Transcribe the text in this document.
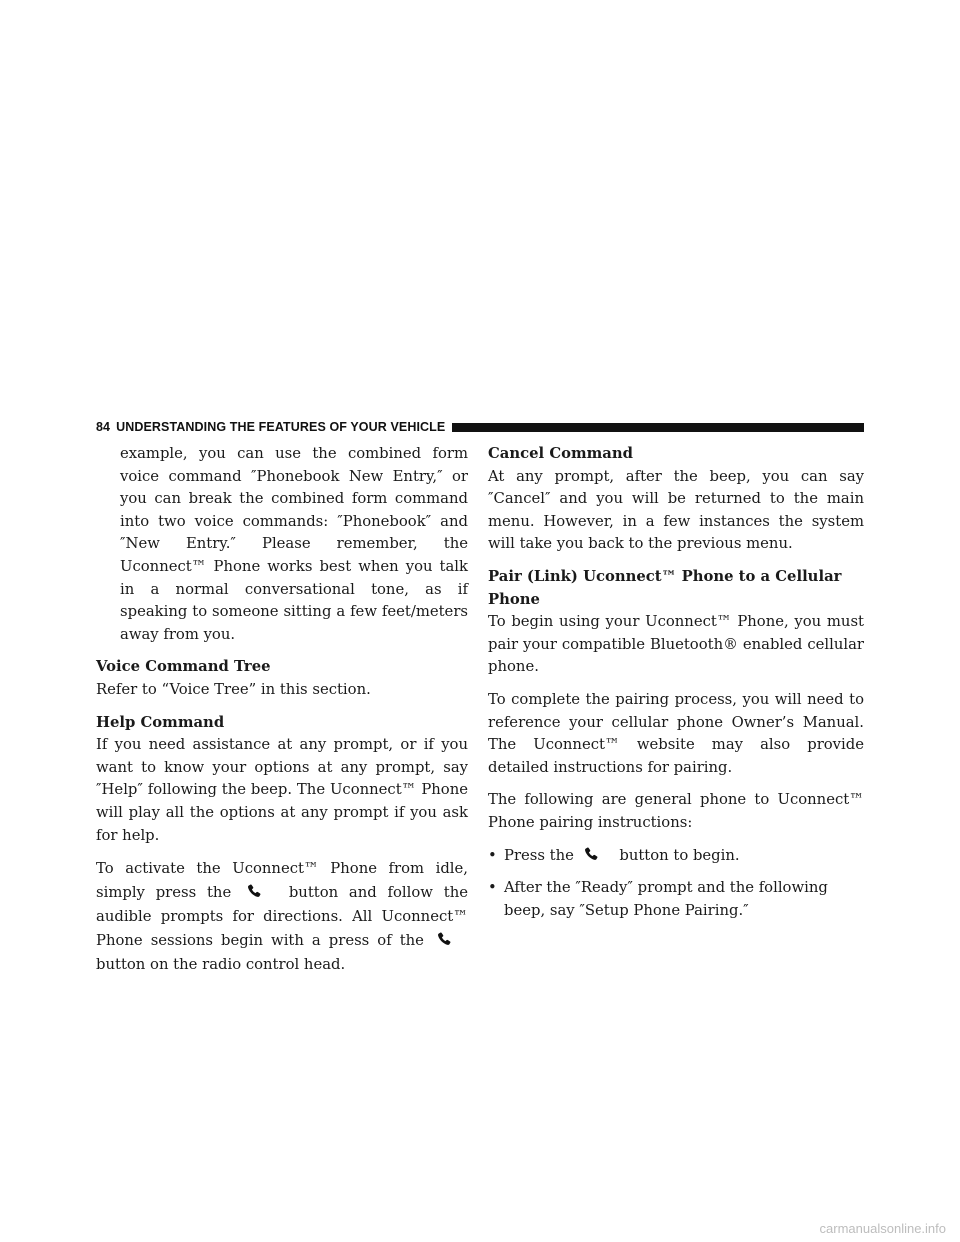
84 UNDERSTANDING THE FEATURES OF YOUR VEHICLE

example, you can use the combined form voice command ″Phonebook New Entry,″ or you can break the combined form command into two voice commands: ″Phonebook″ and ″New Entry.″ Please remember, the Uconnect™ Phone works best when you talk in a normal conversational tone, as if speaking to someone sitting a few feet/meters away from you.

Voice Command Tree

Refer to “Voice Tree” in this section.

Help Command

If you need assistance at any prompt, or if you want to know your options at any prompt, say ″Help″ following the beep. The Uconnect™ Phone will play all the options at any prompt if you ask for help.

To activate the Uconnect™ Phone from idle, simply press the	button and follow the audible prompts for directions. All Uconnect™ Phone sessions begin with a press of the  button on the radio control head.

Cancel Command

At any prompt, after the beep, you can say ″Cancel″ and you will be returned to the main menu. However, in a few instances the system will take you back to the previous menu.

Pair (Link) Uconnect™ Phone to a Cellular Phone

To begin using your Uconnect™ Phone, you must pair your compatible Bluetooth® enabled cellular phone.

To complete the pairing process, you will need to reference your cellular phone Owner’s Manual. The Uconnect™ website may also provide detailed instructions for pairing.

The following are general phone to Uconnect™ Phone pairing instructions:

• Press the	button to begin.
• After the ″Ready″ prompt and the following beep, say ″Setup Phone Pairing.″
carmanualsonline.info
